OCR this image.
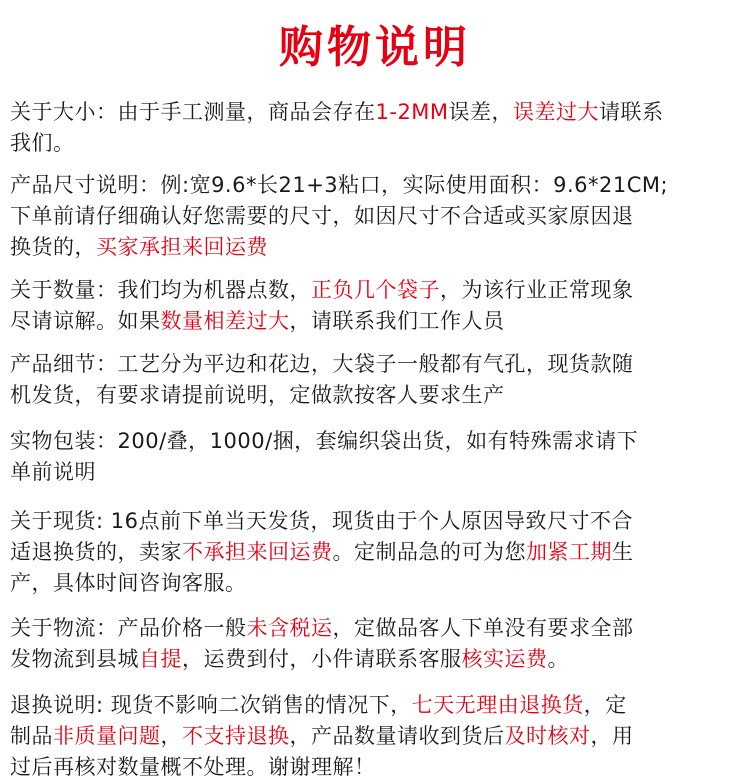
购物说明
关于大小：由于手工测量，商品会存在1-2MM误差，误差过大请联系
我们。
产品尺寸说明：例:宽9.6*长21+3粘口，实际使用面积：9.6*21CM;
下单前请仔细确认好您需要的尺寸，如因尺寸不合适或买家原因退
换货的，买家承担来回运费
关于数量：我们均为机器点数，正负几个袋子，为该行业正常现象
尽请谅解。如果数量相差过大，请联系我们工作人员
产品细节：工艺分为平边和花边，大袋子一般都有气孔，现货款随
机发货，有要求请提前说明，定做款按客人要求生产
实物包装：200/叠，1000/捆，套编织袋出货，如有特殊需求请下
单前说明
关于现货: 16点前下单当天发货，现货由于个人原因导致尺寸不合
适退换货的，卖家不承担来回运费。定制品急的可为您加紧工期生
产，具体时间咨询客服。
关于物流：产品价格一般未含税运，定做品客人下单没有要求全部
发物流到县城自提，运费到付，小件请联系客服核实运费。
退换说明: 现货不影响二次销售的情况下，七天无理由退换货，定
制品非质量问题，不支持退换，产品数量请收到货后及时核对，用
过后再核对数量概不处理。谢谢理解！
